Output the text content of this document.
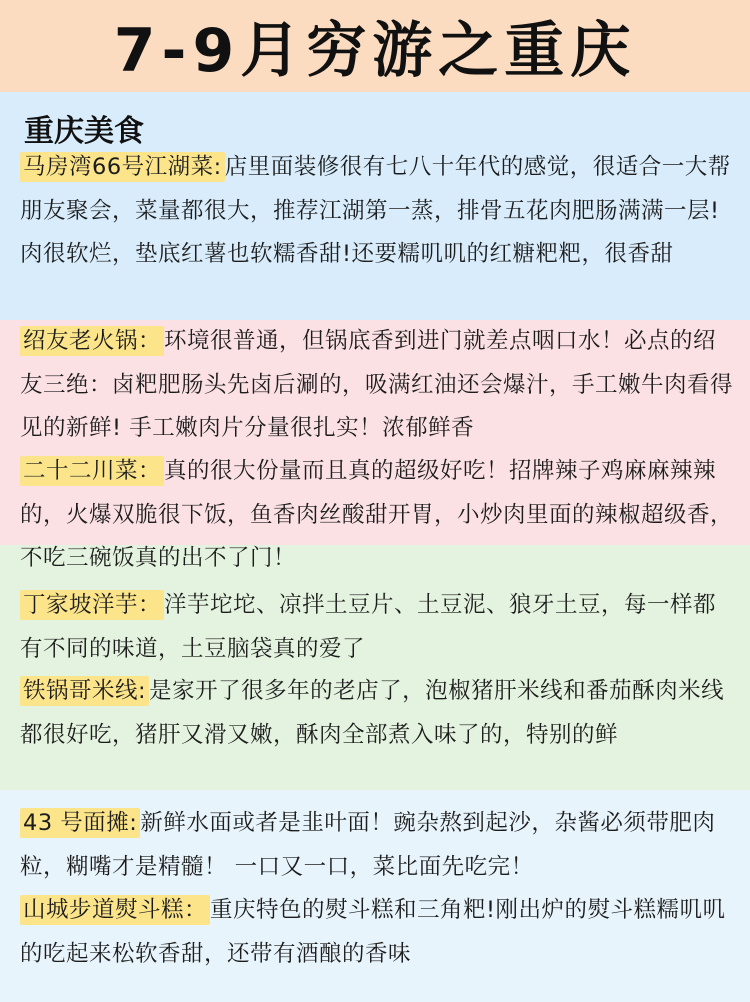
7-9月穷游之重庆
重庆美食

马房湾66号江湖菜: 店里面装修很有七八十年代的感觉，很适合一大帮朋友聚会，菜量都很大，推荐江湖第一蒸，排骨五花肉肥肠满满一层!肉很软烂，垫底红薯也软糯香甜!还要糯叽叽的红糖粑粑，很香甜

绍友老火锅： 环境很普通，但锅底香到进门就差点咽口水！必点的绍友三绝：卤粑肥肠头先卤后涮的，吸满红油还会爆汁，手工嫩牛肉看得见的新鲜! 手工嫩肉片分量很扎实！浓郁鲜香

二十二川菜： 真的很大份量而且真的超级好吃！招牌辣子鸡麻麻辣辣的，火爆双脆很下饭，鱼香肉丝酸甜开胃，小炒肉里面的辣椒超级香，不吃三碗饭真的出不了门！

丁家坡洋芋： 洋芋坨坨、凉拌土豆片、土豆泥、狼牙土豆，每一样都有不同的味道，土豆脑袋真的爱了

铁锅哥米线: 是家开了很多年的老店了，泡椒猪肝米线和番茄酥肉米线都很好吃，猪肝又滑又嫩，酥肉全部煮入味了的，特别的鲜

43 号面摊: 新鲜水面或者是韭叶面！豌杂熬到起沙，杂酱必须带肥肉粒，糊嘴才是精髓！ 一口又一口，菜比面先吃完！

山城步道熨斗糕： 重庆特色的熨斗糕和三角粑!刚出炉的熨斗糕糯叽叽的吃起来松软香甜，还带有酒酿的香味
